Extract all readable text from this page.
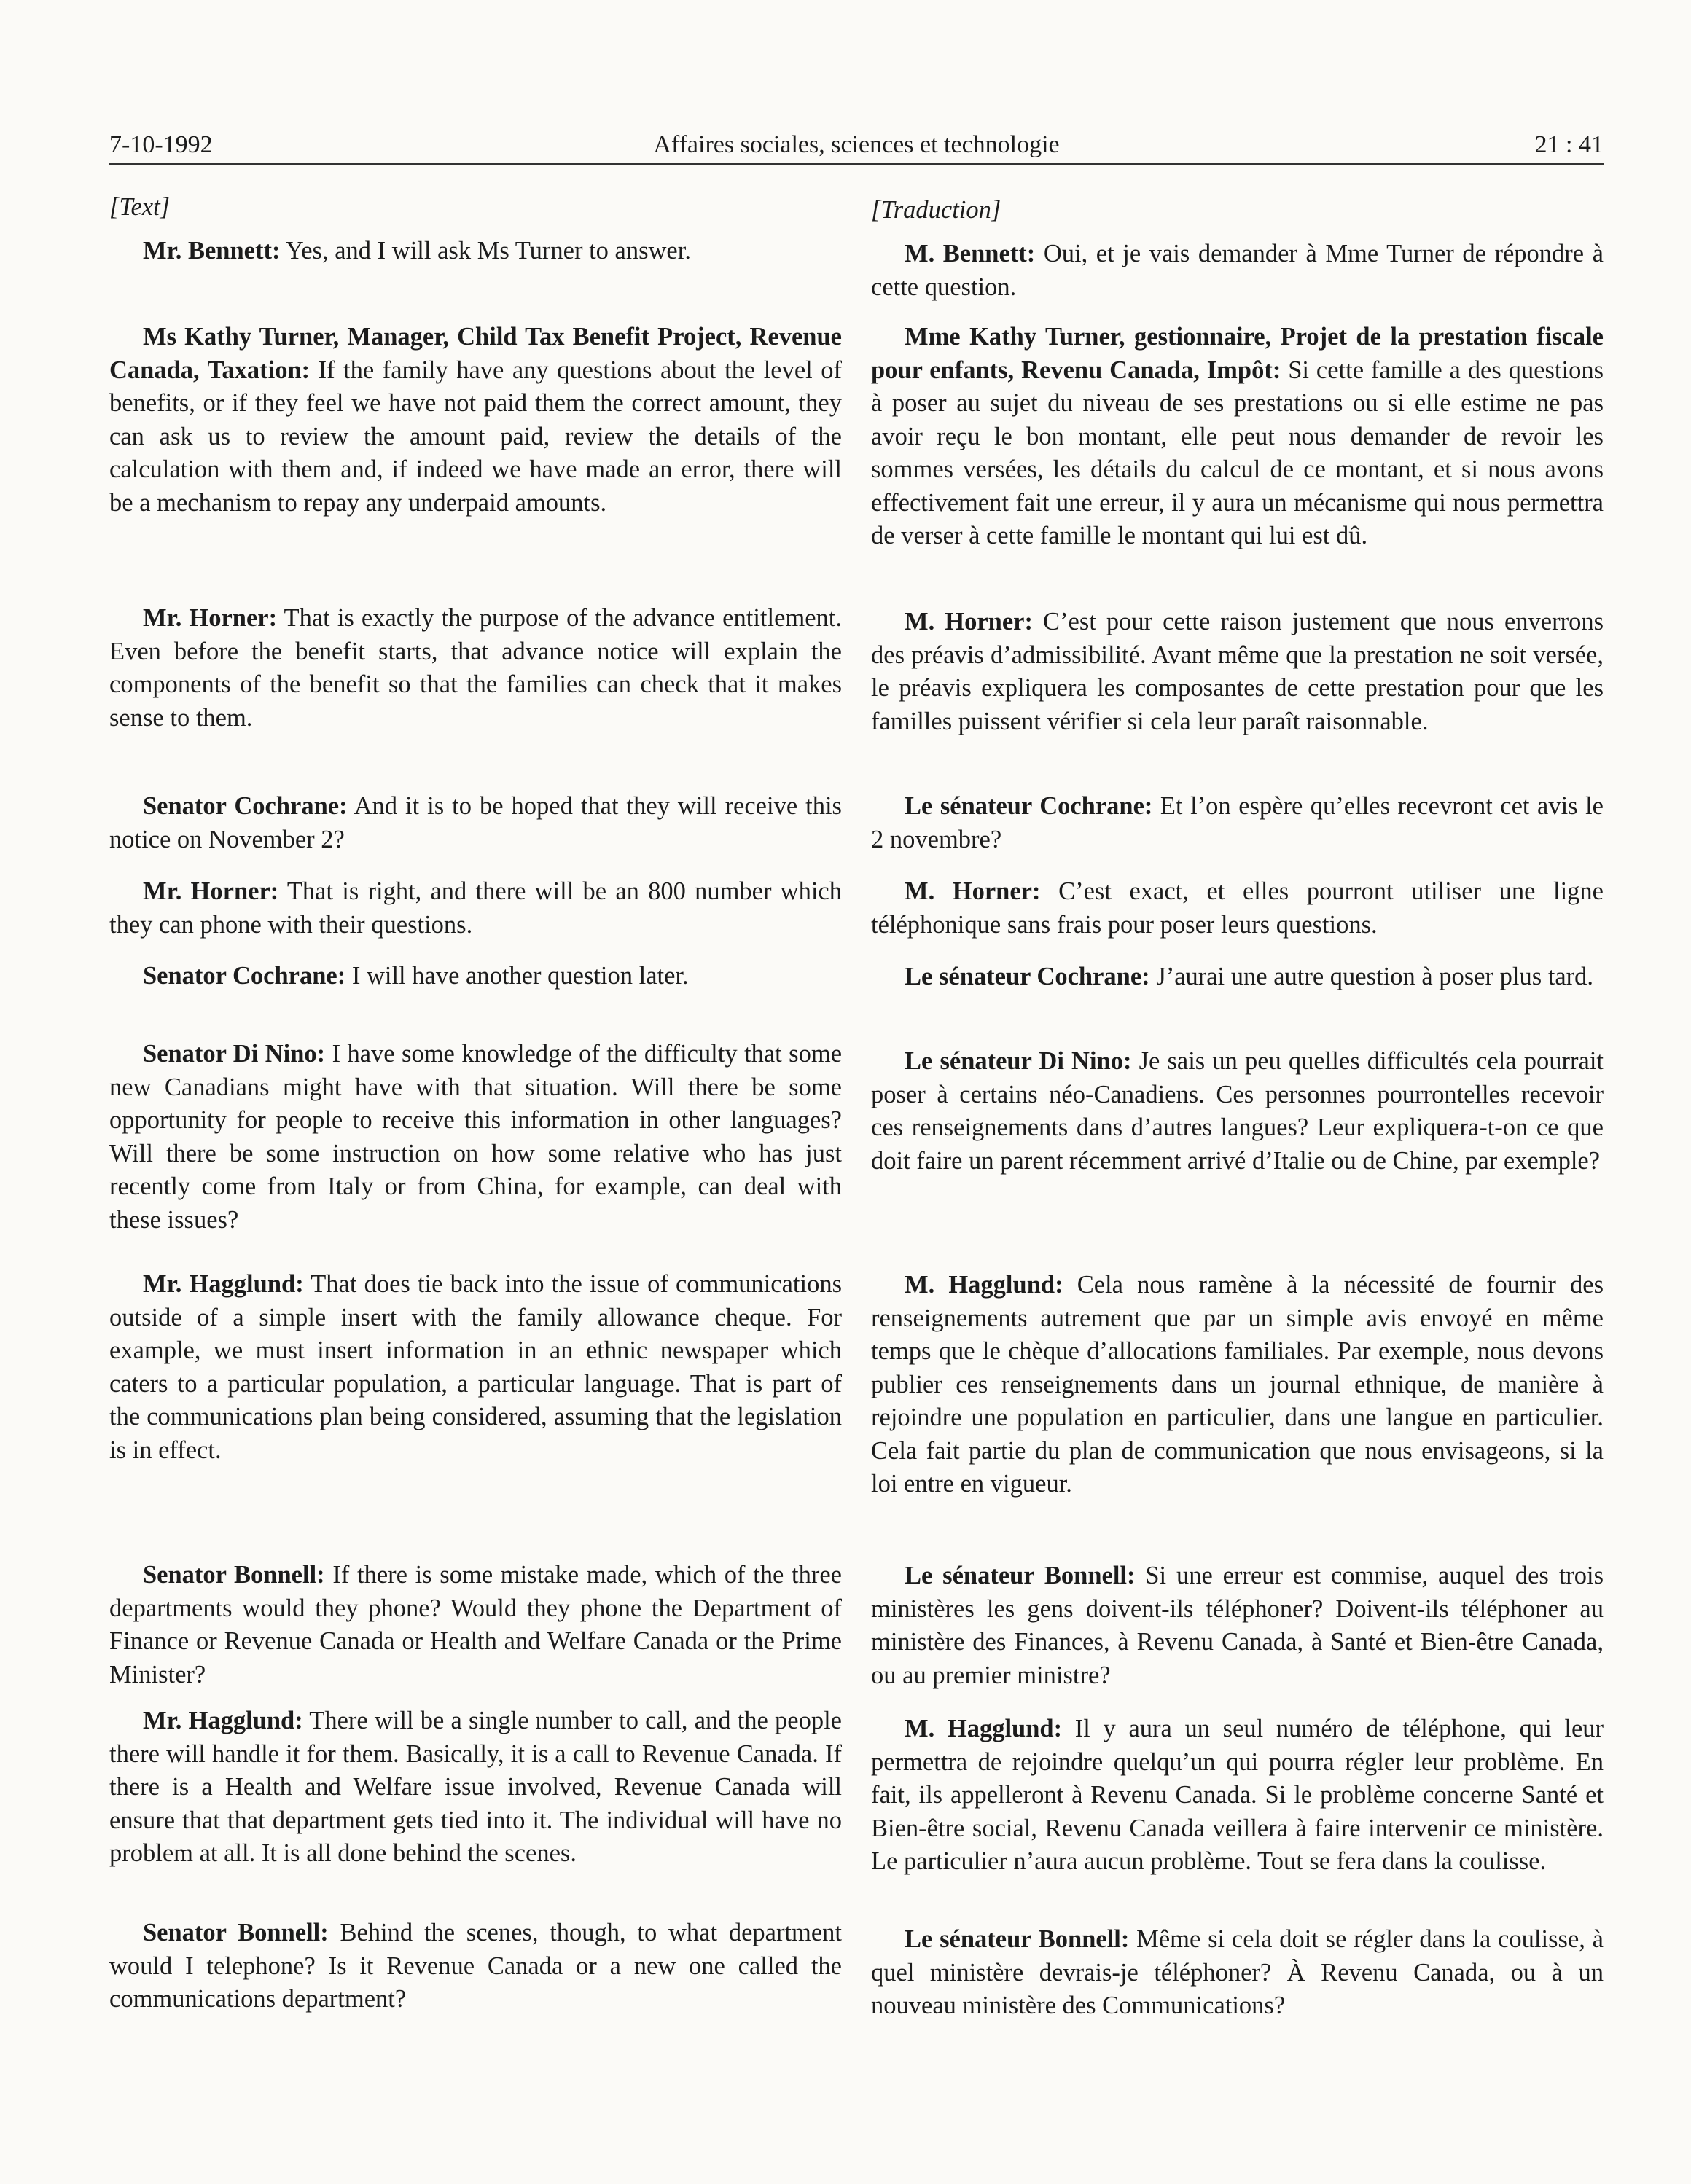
7-10-1992	Affaires sociales, sciences et technologie	21 : 41

[Text]

Mr. Bennett: Yes, and I will ask Ms Turner to answer.

Ms Kathy Turner, Manager, Child Tax Benefit Project, Revenue Canada, Taxation: If the family have any questions about the level of benefits, or if they feel we have not paid them the correct amount, they can ask us to review the amount paid, review the details of the calculation with them and, if indeed we have made an error, there will be a mechanism to repay any underpaid amounts.

Mr. Horner: That is exactly the purpose of the advance entitlement. Even before the benefit starts, that advance notice will explain the components of the benefit so that the families can check that it makes sense to them.

Senator Cochrane: And it is to be hoped that they will receive this notice on November 2?

Mr. Horner: That is right, and there will be an 800 number which they can phone with their questions.

Senator Cochrane: I will have another question later.

Senator Di Nino: I have some knowledge of the difficulty that some new Canadians might have with that situation. Will there be some opportunity for people to receive this information in other languages? Will there be some instruction on how some relative who has just recently come from Italy or from China, for example, can deal with these issues?

Mr. Hagglund: That does tie back into the issue of communications outside of a simple insert with the family allowance cheque. For example, we must insert information in an ethnic newspaper which caters to a particular population, a particular language. That is part of the communications plan being considered, assuming that the legislation is in effect.

Senator Bonnell: If there is some mistake made, which of the three departments would they phone? Would they phone the Department of Finance or Revenue Canada or Health and Welfare Canada or the Prime Minister?

Mr. Hagglund: There will be a single number to call, and the people there will handle it for them. Basically, it is a call to Revenue Canada. If there is a Health and Welfare issue involved, Revenue Canada will ensure that that department gets tied into it. The individual will have no problem at all. It is all done behind the scenes.

Senator Bonnell: Behind the scenes, though, to what department would I telephone? Is it Revenue Canada or a new one called the communications department?

[Traduction]

M. Bennett: Oui, et je vais demander à Mme Turner de répondre à cette question.

Mme Kathy Turner, gestionnaire, Projet de la prestation fiscale pour enfants, Revenu Canada, Impôt: Si cette famille a des questions à poser au sujet du niveau de ses prestations ou si elle estime ne pas avoir reçu le bon montant, elle peut nous demander de revoir les sommes versées, les détails du calcul de ce montant, et si nous avons effectivement fait une erreur, il y aura un mécanisme qui nous permettra de verser à cette famille le montant qui lui est dû.

M. Horner: C’est pour cette raison justement que nous enverrons des préavis d’admissibilité. Avant même que la prestation ne soit versée, le préavis expliquera les composantes de cette prestation pour que les familles puissent vérifier si cela leur paraît raisonnable.

Le sénateur Cochrane: Et l’on espère qu’elles recevront cet avis le 2 novembre?

M. Horner: C’est exact, et elles pourront utiliser une ligne téléphonique sans frais pour poser leurs questions.

Le sénateur Cochrane: J’aurai une autre question à poser plus tard.

Le sénateur Di Nino: Je sais un peu quelles difficultés cela pourrait poser à certains néo-Canadiens. Ces personnes pourrontelles recevoir ces renseignements dans d’autres langues? Leur expliquera-t-on ce que doit faire un parent récemment arrivé d’Italie ou de Chine, par exemple?

M. Hagglund: Cela nous ramène à la nécessité de fournir des renseignements autrement que par un simple avis envoyé en même temps que le chèque d’allocations familiales. Par exemple, nous devons publier ces renseignements dans un journal ethnique, de manière à rejoindre une population en particulier, dans une langue en particulier. Cela fait partie du plan de communication que nous envisageons, si la loi entre en vigueur.

Le sénateur Bonnell: Si une erreur est commise, auquel des trois ministères les gens doivent-ils téléphoner? Doivent-ils téléphoner au ministère des Finances, à Revenu Canada, à Santé et Bien-être Canada, ou au premier ministre?

M. Hagglund: Il y aura un seul numéro de téléphone, qui leur permettra de rejoindre quelqu’un qui pourra régler leur problème. En fait, ils appelleront à Revenu Canada. Si le problème concerne Santé et Bien-être social, Revenu Canada veillera à faire intervenir ce ministère. Le particulier n’aura aucun problème. Tout se fera dans la coulisse.

Le sénateur Bonnell: Même si cela doit se régler dans la coulisse, à quel ministère devrais-je téléphoner? À Revenu Canada, ou à un nouveau ministère des Communications?
